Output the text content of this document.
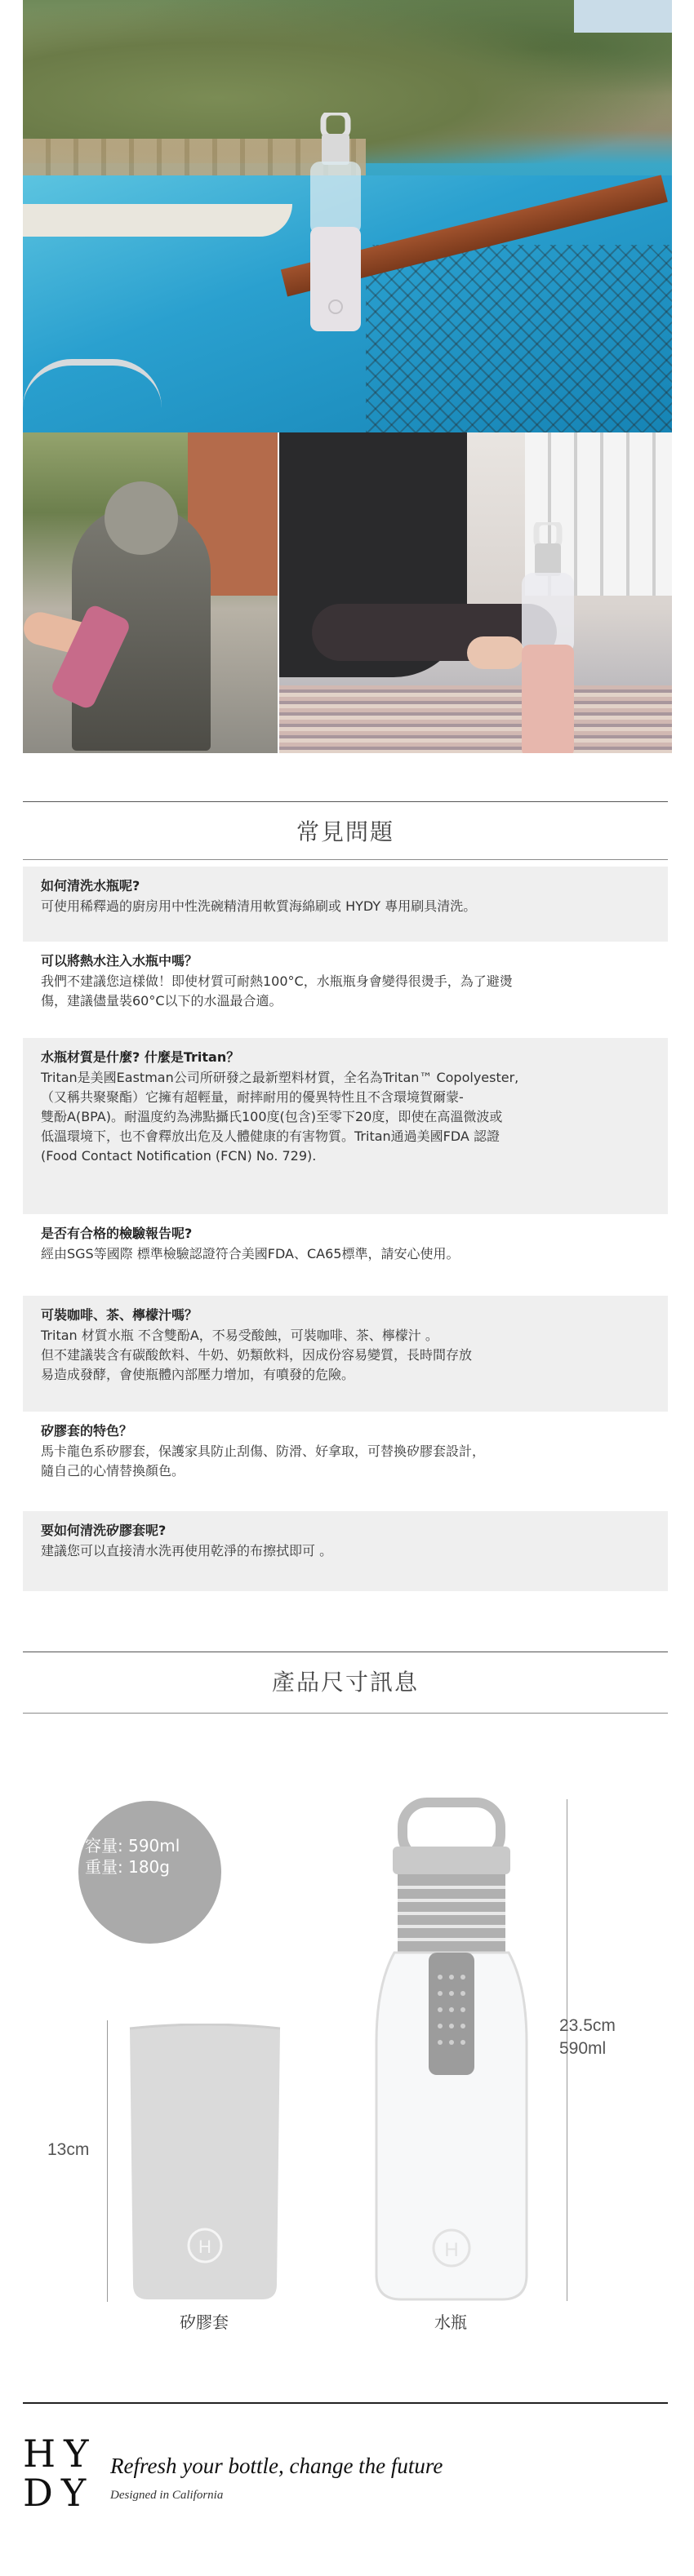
常見問題

如何清洗水瓶呢?

可使用稀釋過的廚房用中性洗碗精清用軟質海綿刷或 HYDY 專用刷具清洗。

可以將熱水注入水瓶中嗎？

我們不建議您這樣做！即使材質可耐熱100°C，水瓶瓶身會變得很燙手，為了避燙
傷，建議儘量裝60°C以下的水溫最合適。

水瓶材質是什麼? 什麼是Tritan？

Tritan是美國Eastman公司所研發之最新塑料材質，全名為Tritan™ Copolyester,
（又稱共聚聚酯）它擁有超輕量，耐摔耐用的優異特性且不含環境賀爾蒙-
雙酚A(BPA)。耐溫度約為沸點攝氏100度(包含)至零下20度，即使在高溫微波或
低溫環境下，也不會釋放出危及人體健康的有害物質。Tritan通過美國FDA 認證
(Food Contact Notification (FCN) No. 729).

是否有合格的檢驗報告呢?

經由SGS等國際 標準檢驗認證符合美國FDA、CA65標準，請安心使用。

可裝咖啡、茶、檸檬汁嗎？

Tritan 材質水瓶 不含雙酚A，不易受酸蝕，可裝咖啡、茶、檸檬汁 。
但不建議裝含有碳酸飲料、牛奶、奶類飲料，因成份容易變質，長時間存放
易造成發酵，會使瓶體內部壓力增加，有噴發的危險。

矽膠套的特色？

馬卡龍色系矽膠套，保護家具防止刮傷、防滑、好拿取，可替換矽膠套設計，
隨自己的心情替換顏色。

要如何清洗矽膠套呢?

建議您可以直接清水洗再使用乾淨的布擦拭即可 。

產品尺寸訊息
容量: 590ml
重量: 180g
13cm
H	H
23.5cm
590ml
矽膠套	水瓶
HY
DY
Refresh your bottle, change the future
Designed in California
